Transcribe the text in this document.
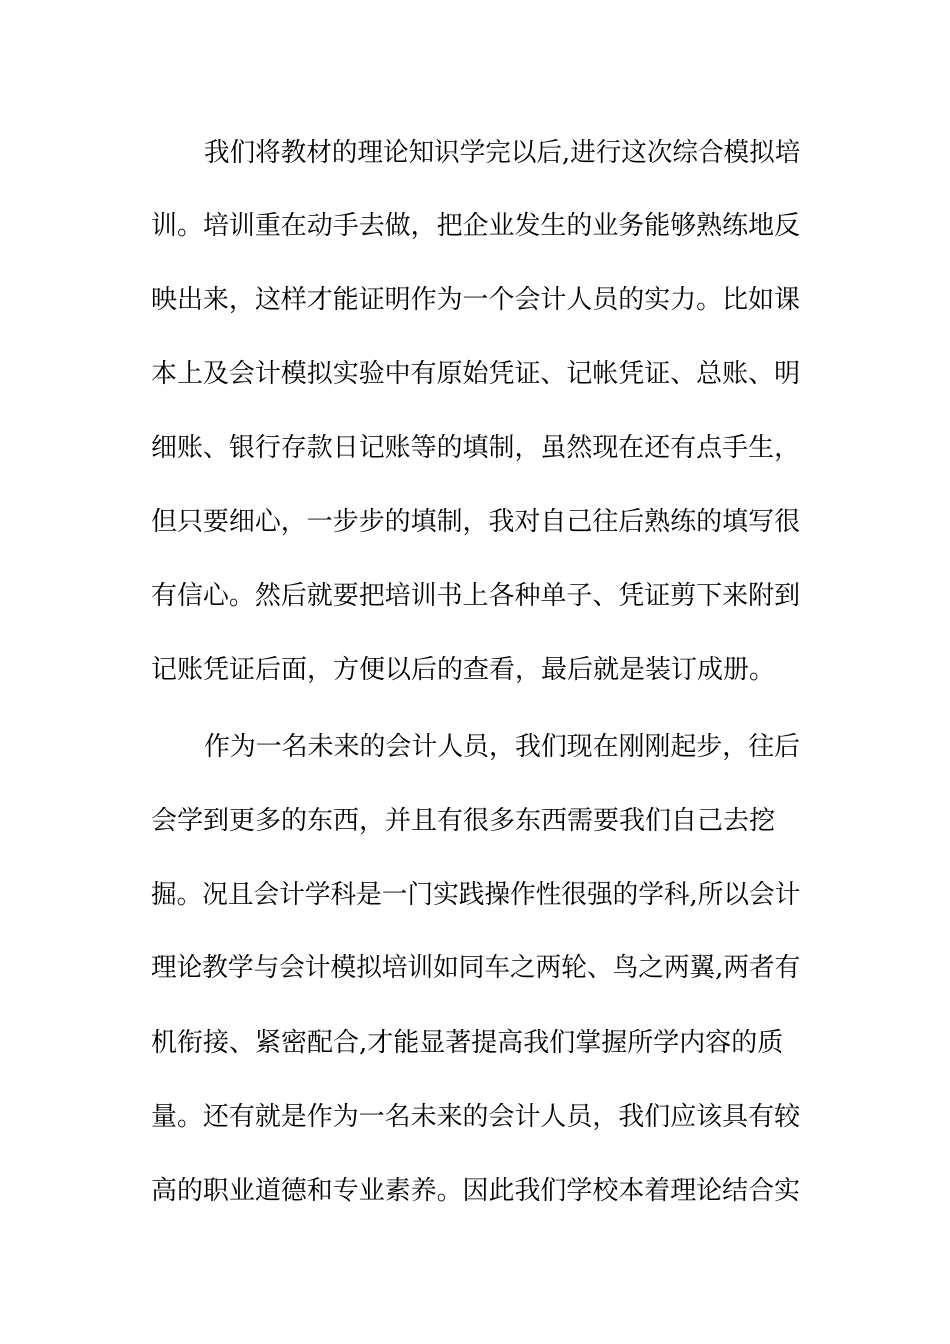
我们将教材的理论知识学完以后,进行这次综合模拟培
训。培训重在动手去做，把企业发生的业务能够熟练地反
映出来，这样才能证明作为一个会计人员的实力。比如课
本上及会计模拟实验中有原始凭证、记帐凭证、总账、明
细账、银行存款日记账等的填制，虽然现在还有点手生，
但只要细心，一步步的填制，我对自己往后熟练的填写很
有信心。然后就要把培训书上各种单子、凭证剪下来附到
记账凭证后面，方便以后的查看，最后就是装订成册。
作为一名未来的会计人员，我们现在刚刚起步，往后
会学到更多的东西，并且有很多东西需要我们自己去挖
掘。况且会计学科是一门实践操作性很强的学科,所以会计
理论教学与会计模拟培训如同车之两轮、鸟之两翼,两者有
机衔接、紧密配合,才能显著提高我们掌握所学内容的质
量。还有就是作为一名未来的会计人员，我们应该具有较
高的职业道德和专业素养。因此我们学校本着理论结合实
